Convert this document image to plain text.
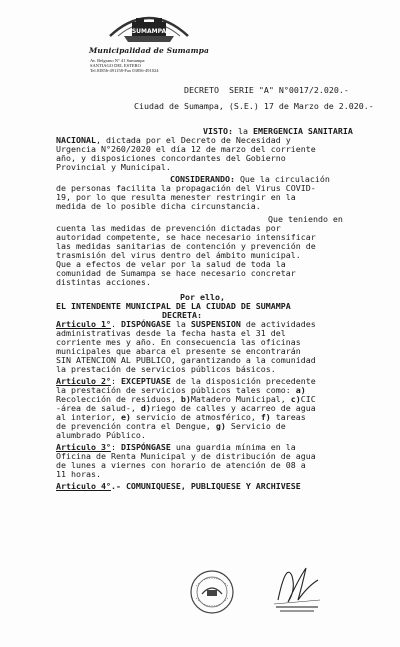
SUMAMPA
Municipalidad de Sumampa
Av. Belgrano N° 41 Sumampa
SANTIAGO DEL ESTERO
Tel.03856-491158-Fax 03856-491024
DECRETO  SERIE "A" N°0017/2.020.-
Ciudad de Sumampa, (S.E.) 17 de Marzo de 2.020.-
VISTO: la EMERGENCIA SANITARIA
NACIONAL, dictada por el Decreto de Necesidad y
Urgencia N°260/2020 el día 12 de marzo del corriente
año, y disposiciones concordantes del Gobierno
Provincial y Municipal.
CONSIDERANDO: Que la circulación
de personas facilita la propagación del Virus COVID-
19, por lo que resulta menester restringir en la
medida de lo posible dicha circunstancia.
Que teniendo en
cuenta las medidas de prevención dictadas por
autoridad competente, se hace necesario intensificar
las medidas sanitarias de contención y prevención de
trasmisión del virus dentro del ámbito municipal.
Que a efectos de velar por la salud de toda la
comunidad de Sumampa se hace necesario concretar
distintas acciones.
Por ello,
EL INTENDENTE MUNICIPAL DE LA CIUDAD DE SUMAMPA
DECRETA:
Articulo 1°. DISPÓNGASE la SUSPENSION de actividades
administrativas desde la fecha hasta el 31 del
corriente mes y año. En consecuencia las oficinas
municipales que abarca el presente se encontrarán
SIN ATENCION AL PUBLICO, garantizando a la comunidad
la prestación de servicios públicos básicos.
Articulo 2°: EXCEPTUASE de la disposición precedente
la prestación de servicios públicos tales como: a)
Recolección de residuos, b)Matadero Municipal, c)CIC
-área de salud-, d)riego de calles y acarreo de agua
al interior, e) servicio de atmosférico, f) tareas
de prevención contra el Dengue, g) Servicio de
alumbrado Público.
Articulo 3°: DISPÓNGASE una guardia mínima en la
Oficina de Renta Municipal y de distribución de agua
de lunes a viernes con horario de atención de 08 a
11 horas.
Articulo 4°.- COMUNIQUESE, PUBLIQUESE Y ARCHIVESE
